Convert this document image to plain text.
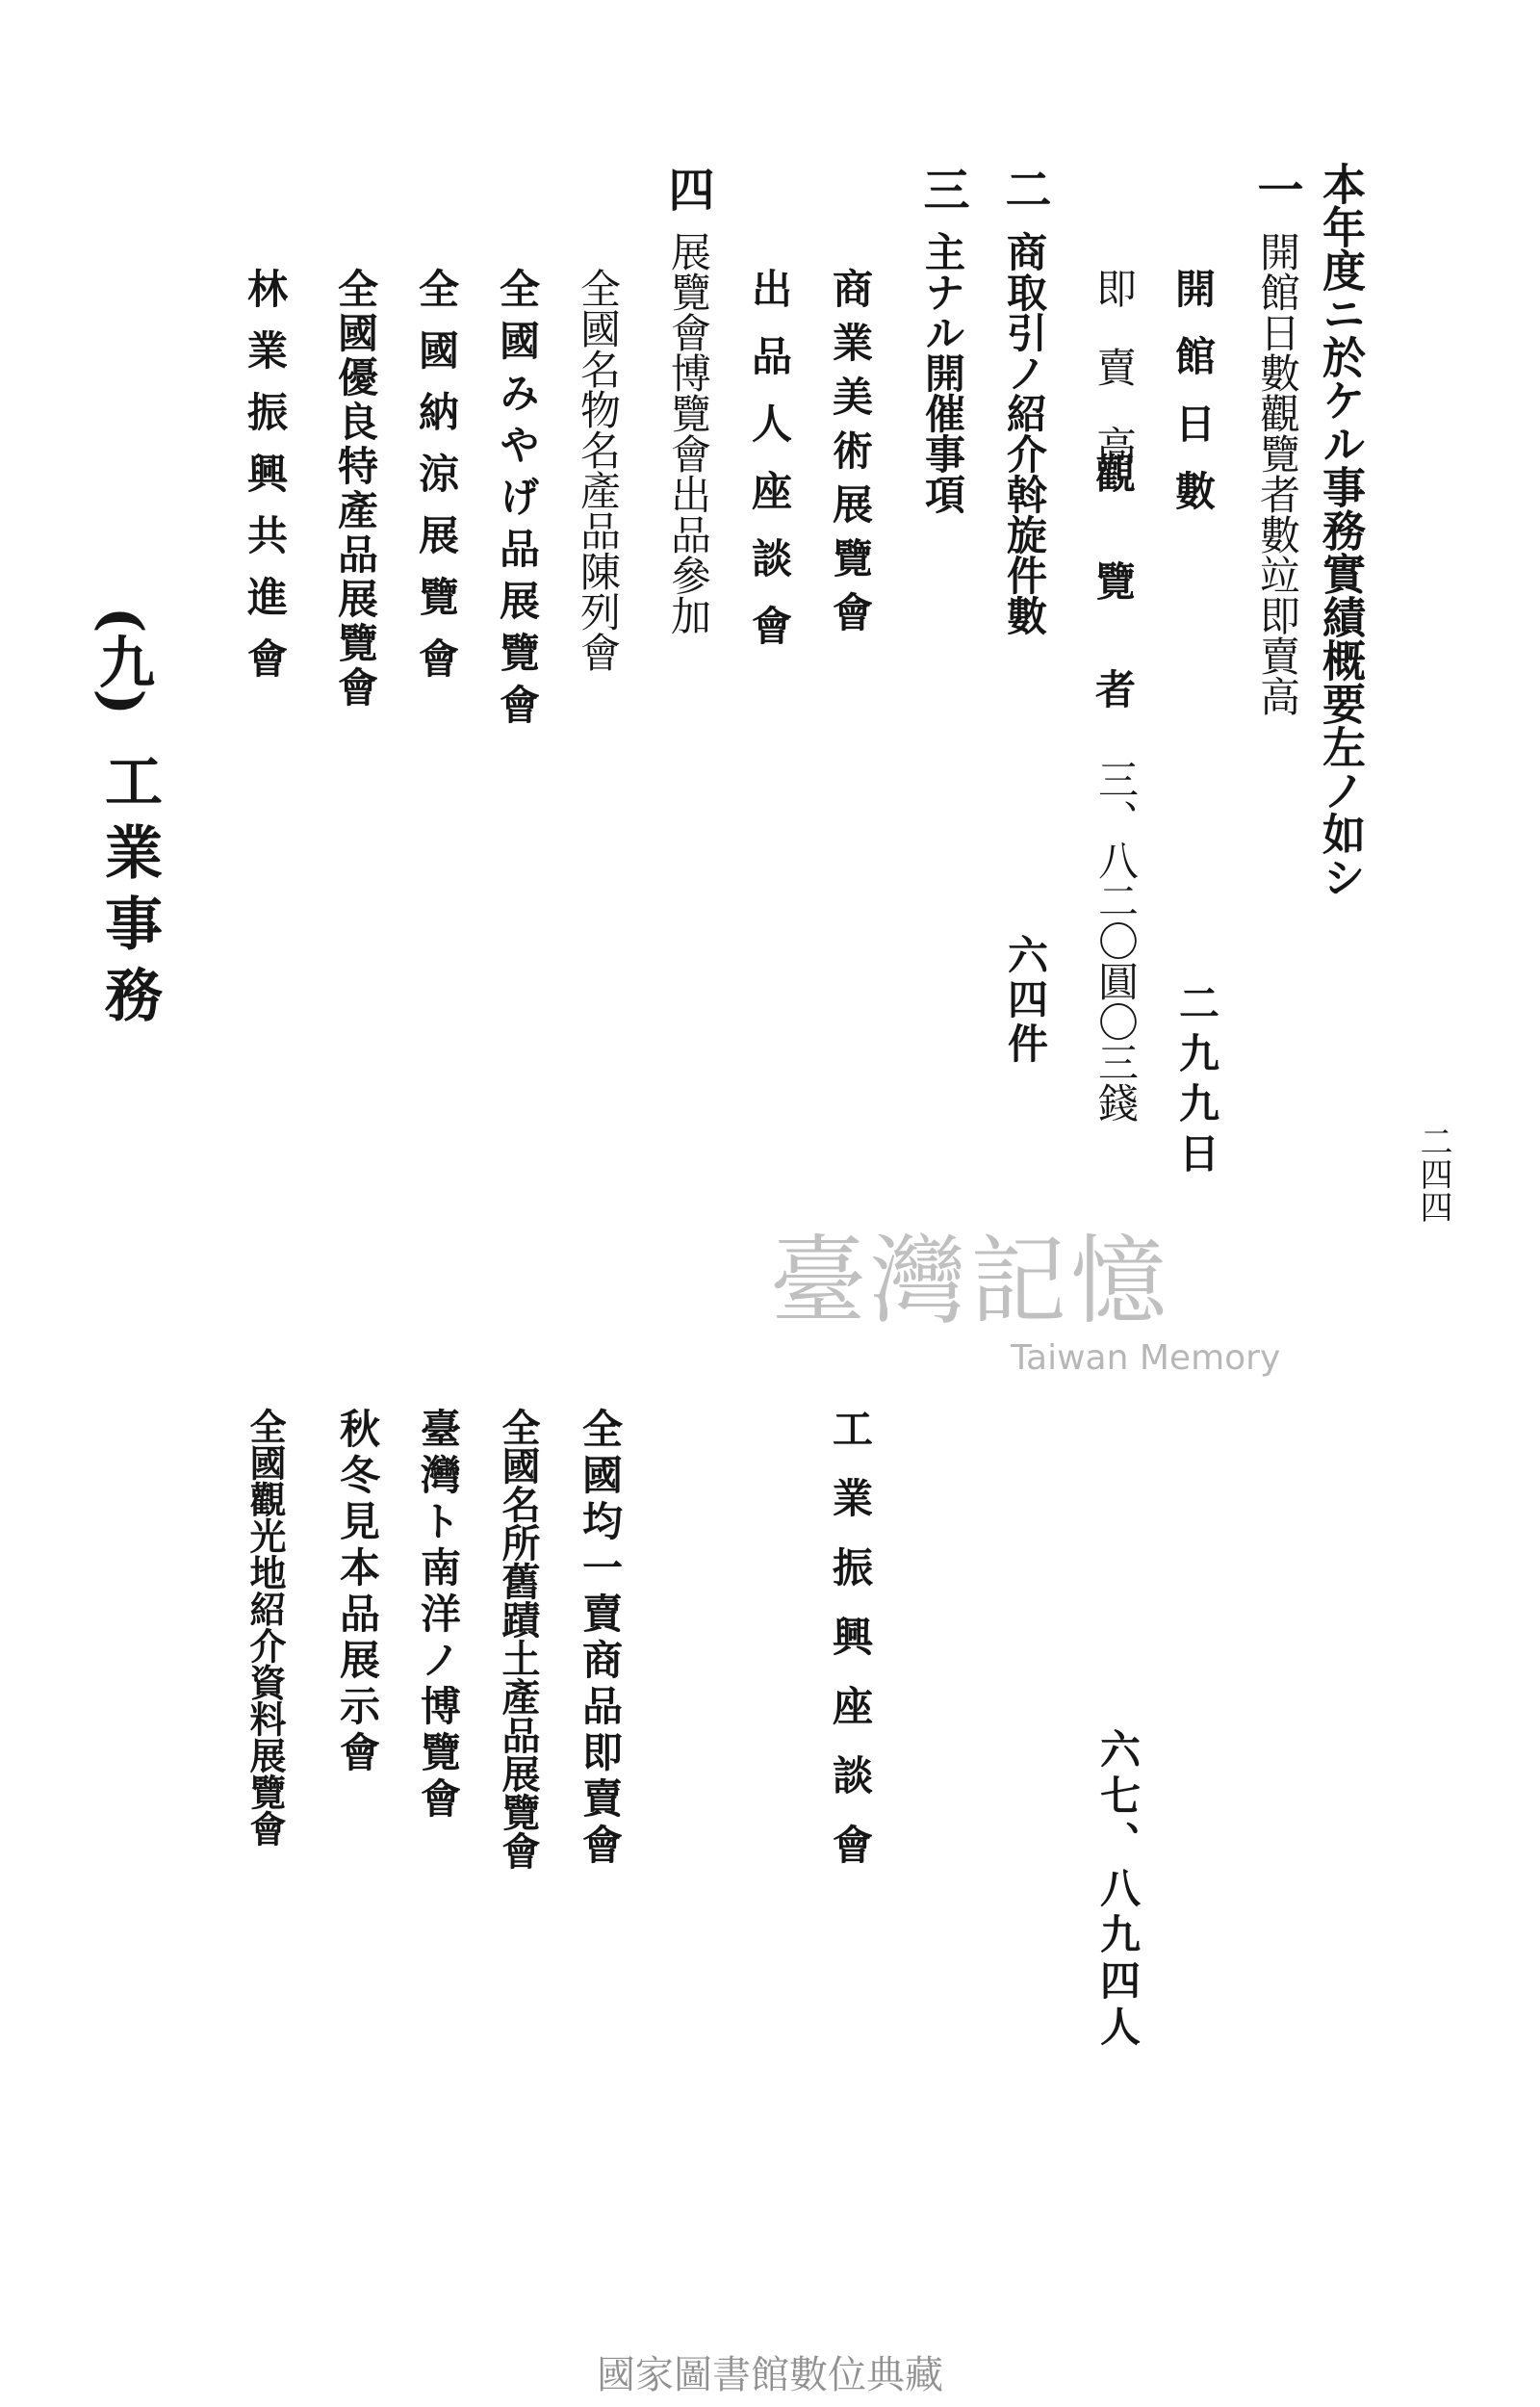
二四四
本年度ニ於ケル事務實績概要左ノ如シ
一
開館日數觀覽者數竝即賣高
開館日數
二九九日
觀覽者
六七、八九四人
即賣高
三、八二〇圓〇三錢
二
商取引ノ紹介斡旋件數
六四件
三
主ナル開催事項
商業美術展覽會
出品人座談會
工業振興座談會
四
展覽會博覽會出品參加
全國名物名產品陳列會
全國みやげ品展覽會
全國納涼展覽會
全國優良特產品展覽會
林業振興共進會
全國均一賣商品即賣會
全國名所舊蹟土產品展覽會
臺灣ト南洋ノ博覽會
秋冬見本品展示會
全國觀光地紹介資料展覽會
(九)
工業事務
臺灣記憶
Taiwan Memory
國家圖書館數位典藏
